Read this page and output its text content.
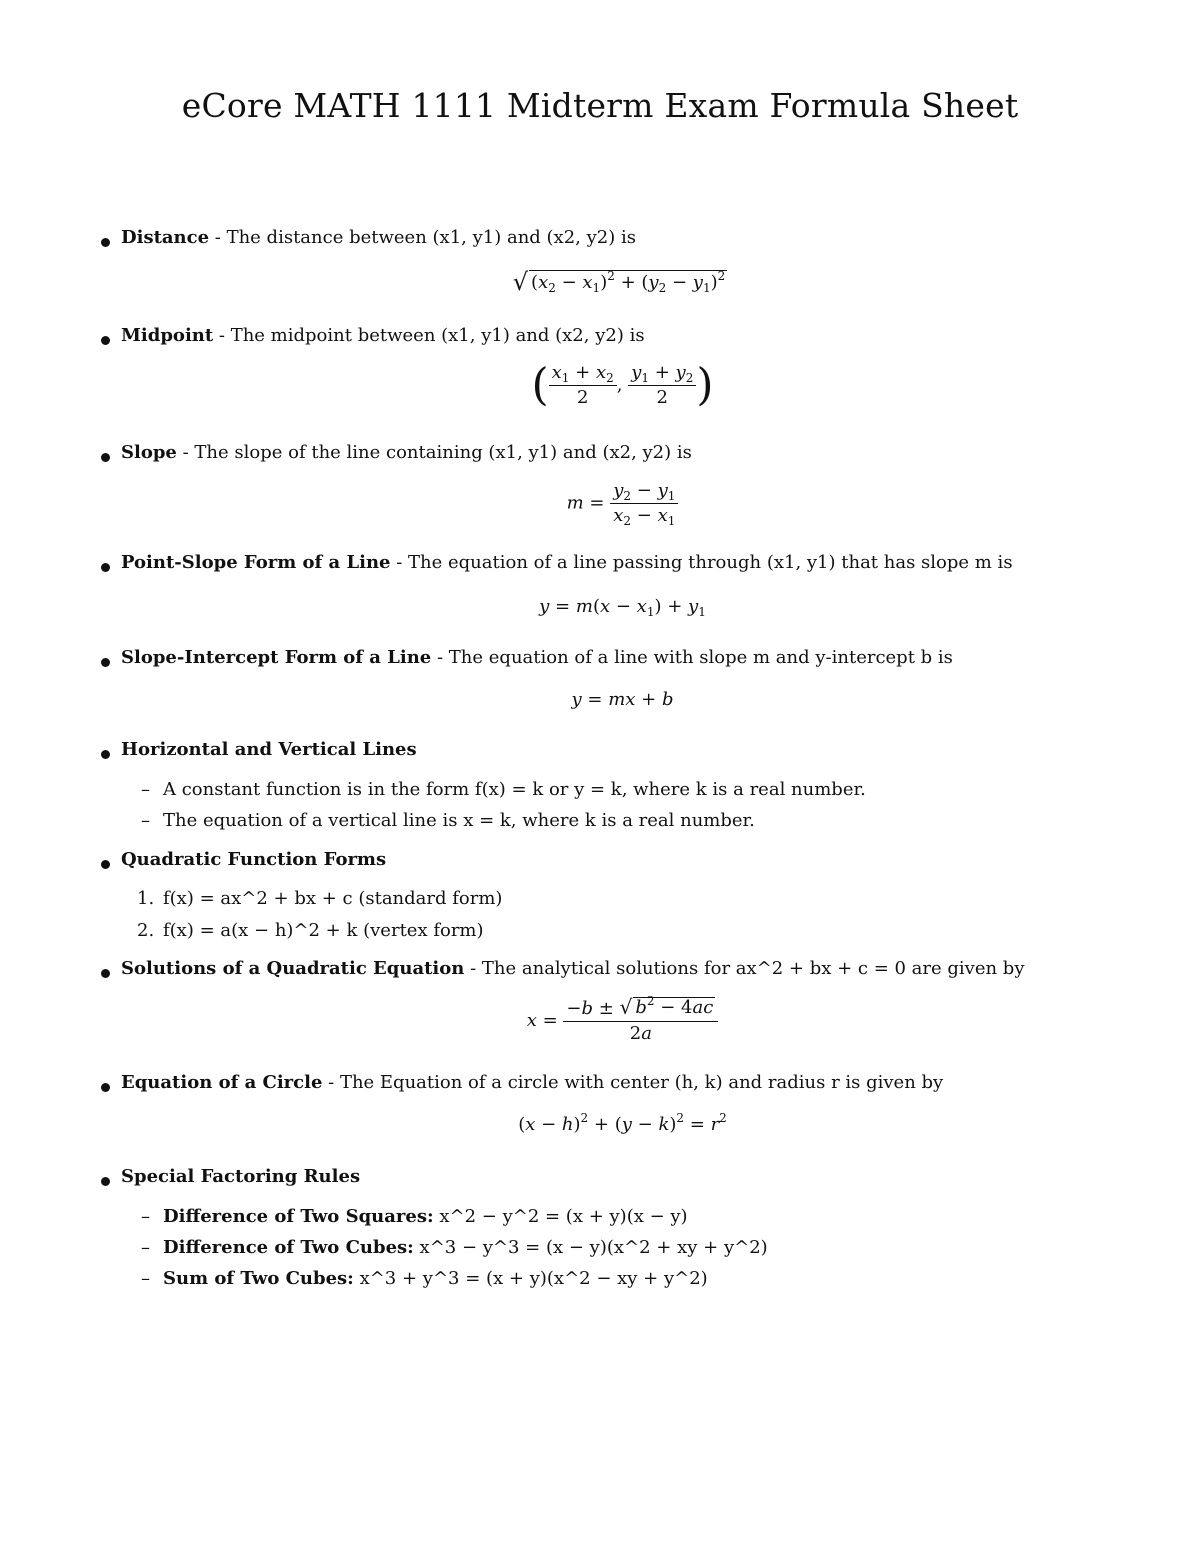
eCore MATH 1111 Midterm Exam Formula Sheet
Distance - The distance between (x1, y1) and (x2, y2) is
√ $(x_2 - x_1)^2 + (y_2 - y_1)^2$
Midpoint - The midpoint between (x1, y1) and (x2, y2) is
( $\frac{x_1 + x_2}{2}$ , $\frac{y_1 + y_2}{2}$ )
Slope - The slope of the line containing (x1, y1) and (x2, y2) is
$m = \frac{y_2 - y_1}{x_2 - x_1}$
Point-Slope Form of a Line - The equation of a line passing through (x1, y1) that has slope m is
$y = m(x - x_1) + y_1$
Slope-Intercept Form of a Line - The equation of a line with slope m and y-intercept b is
y = mx + b
Horizontal and Vertical Lines
– A constant function is in the form f(x) = k or y = k, where k is a real number.
– The equation of a vertical line is x = k, where k is a real number.
Quadratic Function Forms
1. f(x) = ax^2 + bx + c (standard form)
2. f(x) = a(x − h)^2 + k (vertex form)
Solutions of a Quadratic Equation - The analytical solutions for ax^2 + bx + c = 0 are given by
$x = \frac{-b \pm √ b^2 - 4ac}{2a}$
Equation of a Circle - The Equation of a circle with center (h, k) and radius r is given by
$(x - h)^2 + (y - k)^2 = r^2$
Special Factoring Rules
– Difference of Two Squares: x^2 − y^2 = (x + y)(x − y)
– Difference of Two Cubes: x^3 − y^3 = (x − y)(x^2 + xy + y^2)
– Sum of Two Cubes: x^3 + y^3 = (x + y)(x^2 − xy + y^2)
